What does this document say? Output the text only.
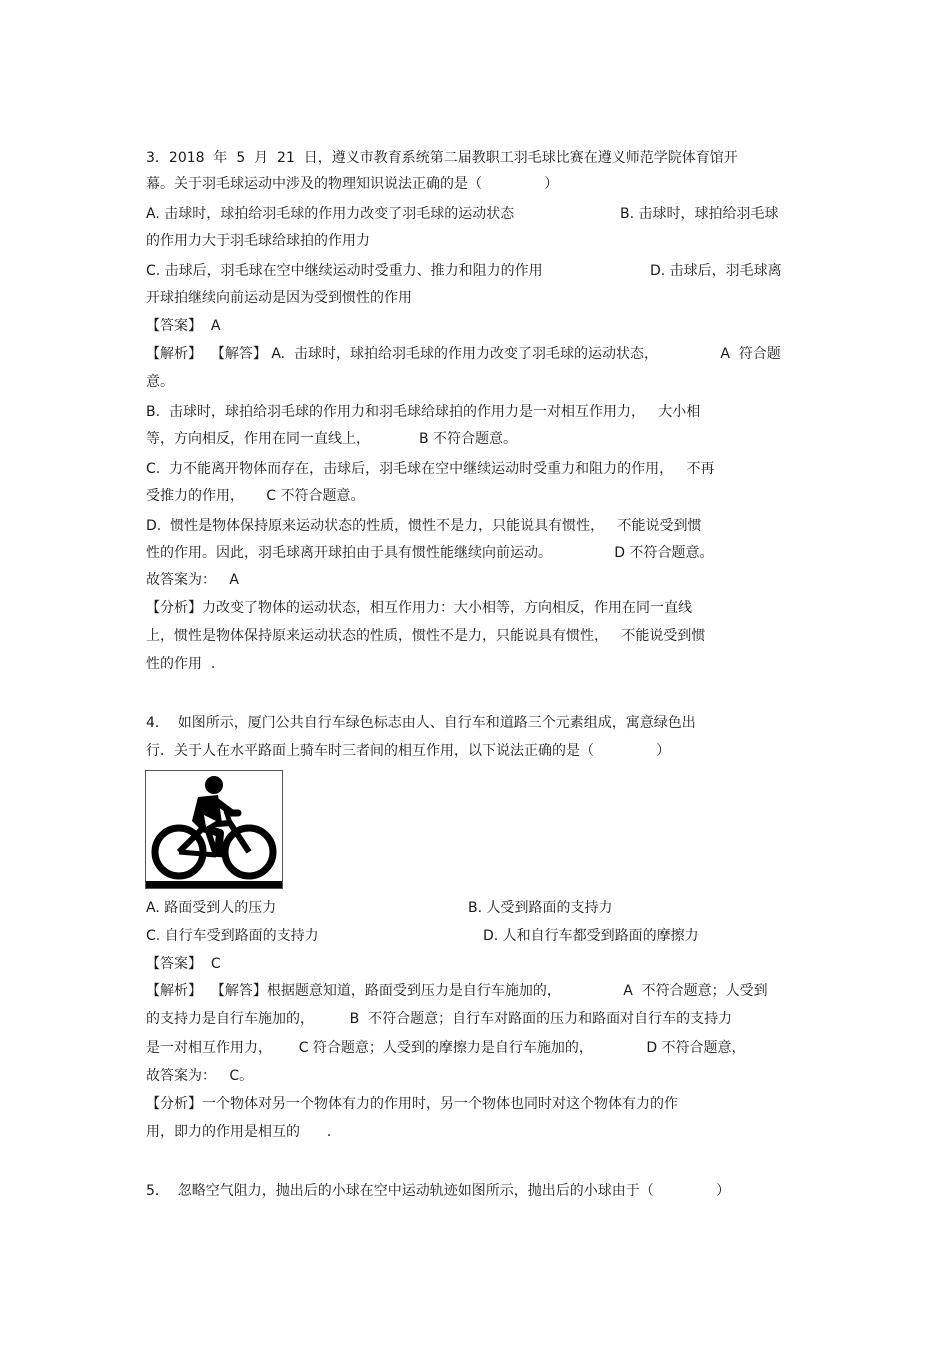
3．2018  年  5  月  21  日，遵义市教育系统第二届教职工羽毛球比赛在遵义师范学院体育馆开
幕。关于羽毛球运动中涉及的物理知识说法正确的是（              ）
A. 击球时，球拍给羽毛球的作用力改变了羽毛球的运动状态	B. 击球时，球拍给羽毛球
的作用力大于羽毛球给球拍的作用力
C. 击球后，羽毛球在空中继续运动时受重力、推力和阻力的作用	D. 击球后，羽毛球离
开球拍继续向前运动是因为受到惯性的作用
【答案】  A
【解析】  【解答】 A.  击球时，球拍给羽毛球的作用力改变了羽毛球的运动状态，              A  符合题
意。
B.  击球时，球拍给羽毛球的作用力和羽毛球给球拍的作用力是一对相互作用力，   大小相
等，方向相反，作用在同一直线上，           B 不符合题意。
C.  力不能离开物体而存在，击球后，羽毛球在空中继续运动时受重力和阻力的作用，   不再
受推力的作用，     C 不符合题意。
D.  惯性是物体保持原来运动状态的性质，惯性不是力，只能说具有惯性，   不能说受到惯
性的作用。因此，羽毛球离开球拍由于具有惯性能继续向前运动。              D 不符合题意。
故答案为：   A
【分析】力改变了物体的运动状态，相互作用力：大小相等，方向相反，作用在同一直线
上，惯性是物体保持原来运动状态的性质，惯性不是力，只能说具有惯性，   不能说受到惯
性的作用  .
4．  如图所示，厦门公共自行车绿色标志由人、自行车和道路三个元素组成，寓意绿色出
行．关于人在水平路面上骑车时三者间的相互作用，以下说法正确的是（              ）
A. 路面受到人的压力	B. 人受到路面的支持力
C. 自行车受到路面的支持力	D. 人和自行车都受到路面的摩擦力
【答案】  C
【解析】  【解答】根据题意知道，路面受到压力是自行车施加的，              A  不符合题意；人受到
的支持力是自行车施加的，        B  不符合题意；自行车对路面的压力和路面对自行车的支持力
是一对相互作用力，      C 符合题意；人受到的摩擦力是自行车施加的，            D 不符合题意，
故答案为：   C。
【分析】一个物体对另一个物体有力的作用时，另一个物体也同时对这个物体有力的作
用，即力的作用是相互的      .
5．  忽略空气阻力，抛出后的小球在空中运动轨迹如图所示，抛出后的小球由于（              ）
